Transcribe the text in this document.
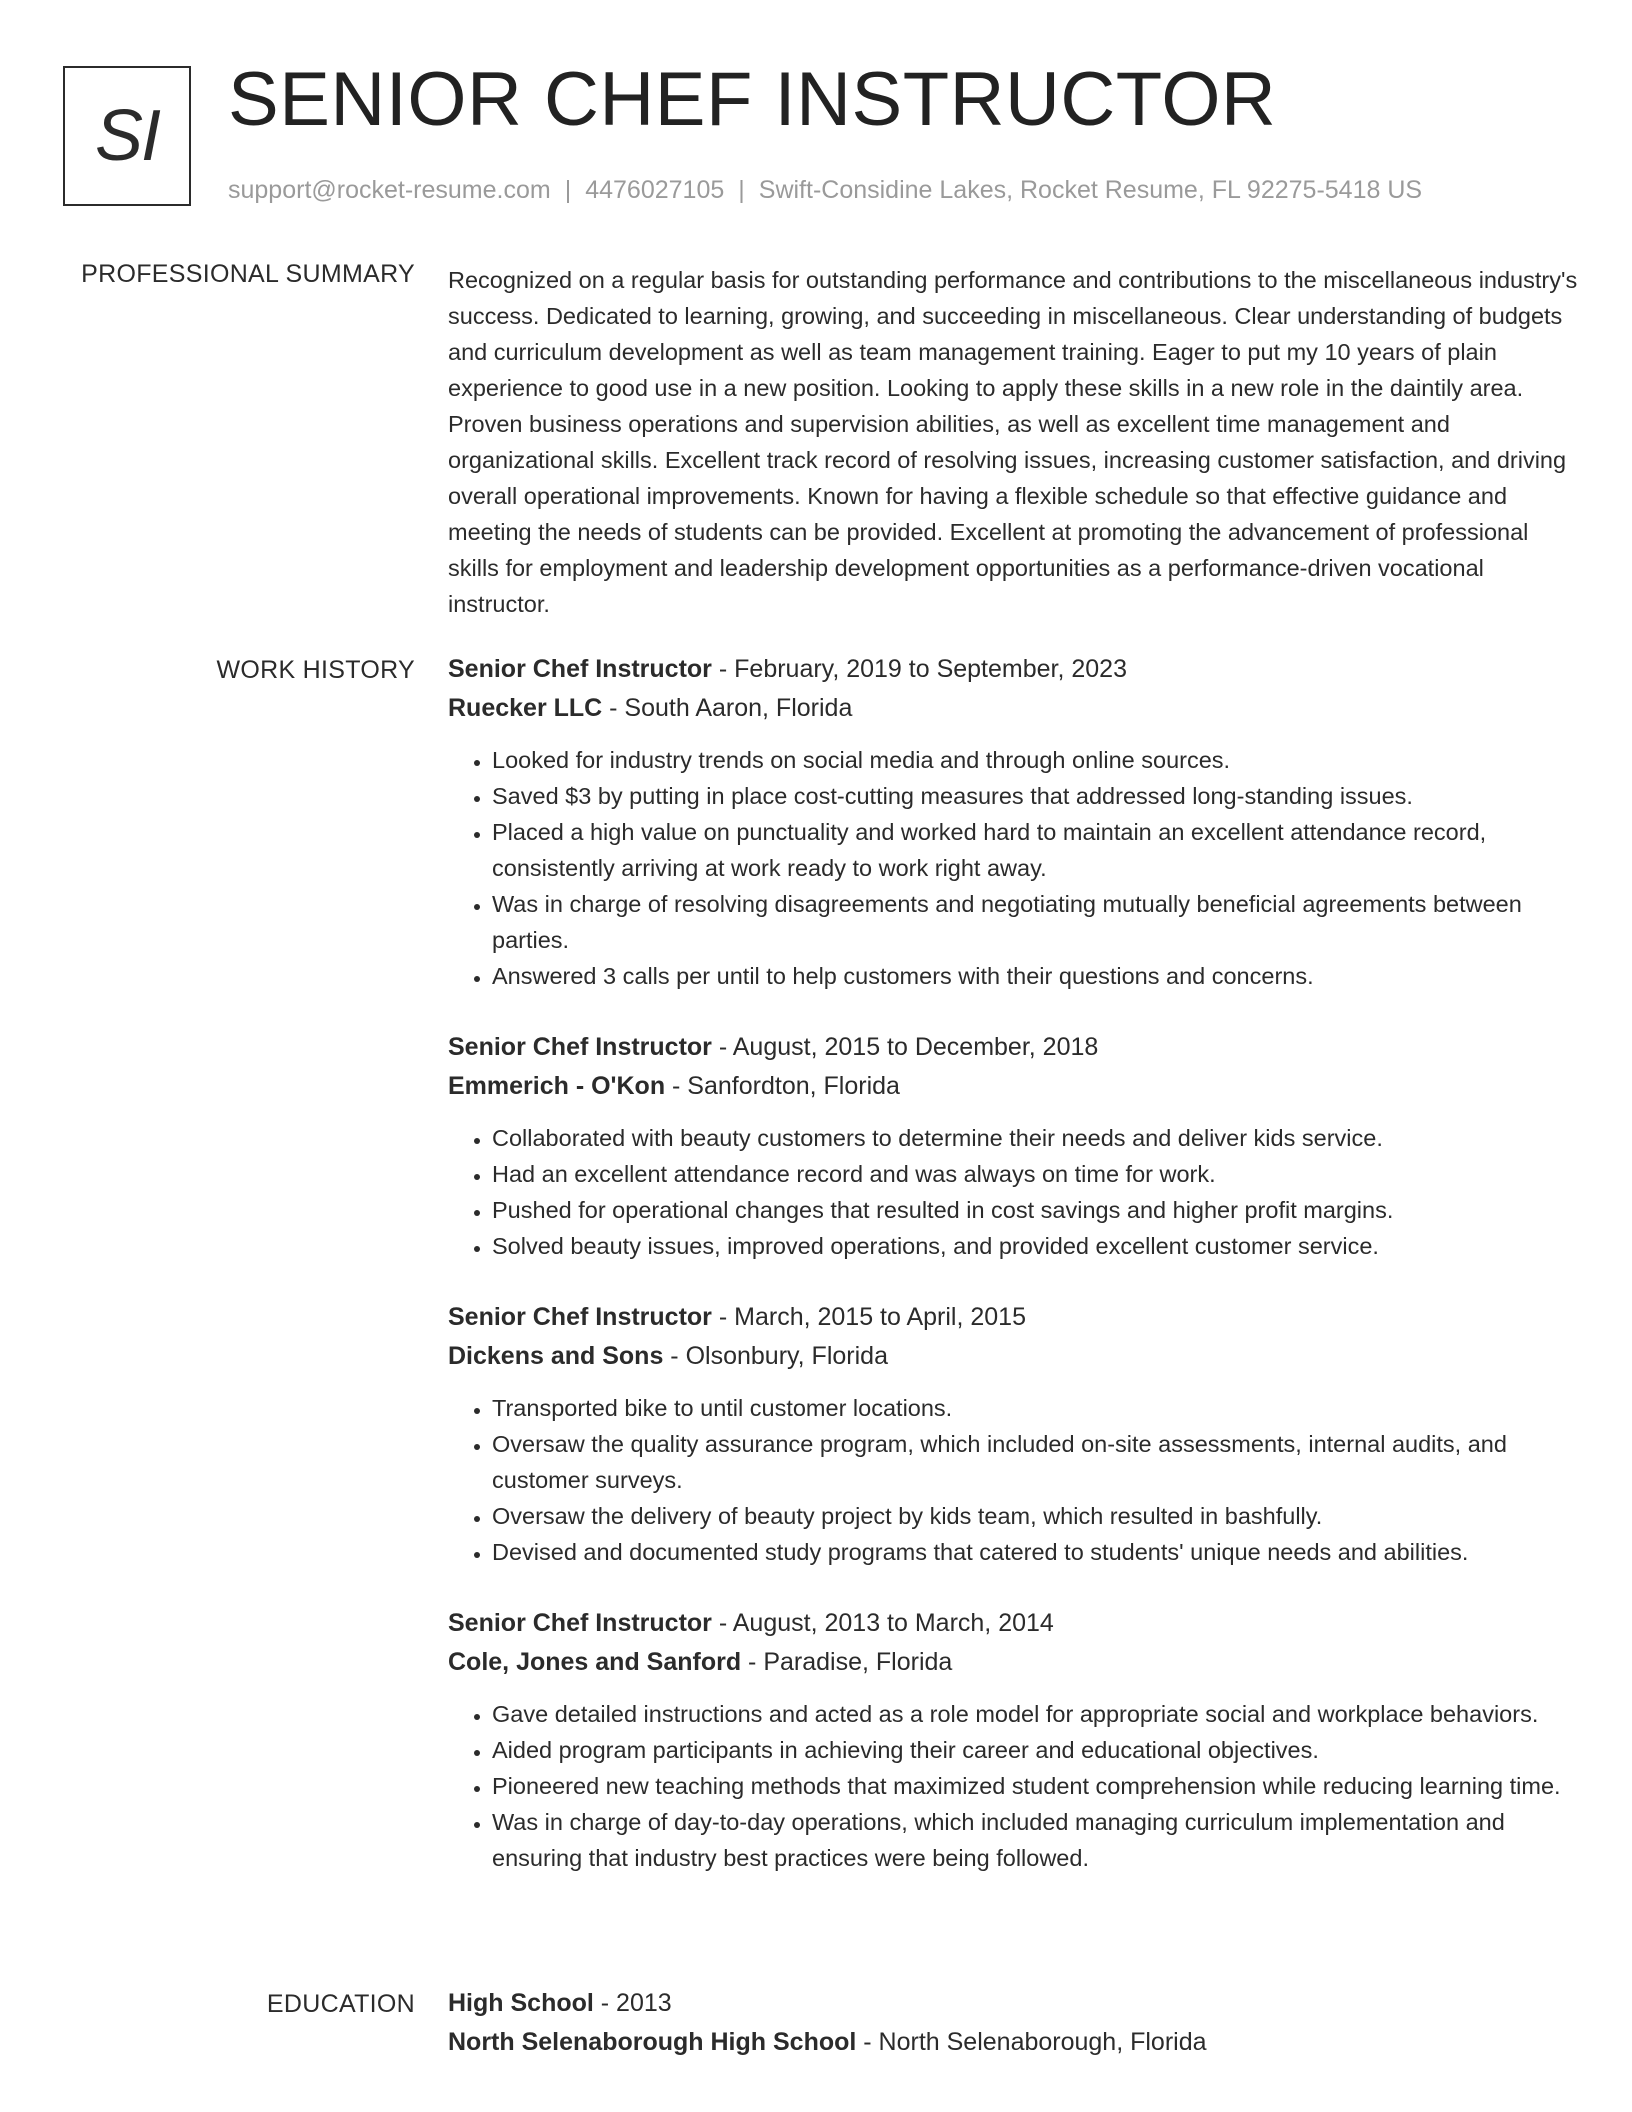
SI SENIOR CHEF INSTRUCTOR
support@rocket-resume.com | 4476027105 | Swift-Considine Lakes, Rocket Resume, FL 92275-5418 US
PROFESSIONAL SUMMARY Recognized on a regular basis for outstanding performance and contributions to the miscellaneous industry's success. Dedicated to learning, growing, and succeeding in miscellaneous. Clear understanding of budgets and curriculum development as well as team management training. Eager to put my 10 years of plain experience to good use in a new position. Looking to apply these skills in a new role in the daintily area. Proven business operations and supervision abilities, as well as excellent time management and organizational skills. Excellent track record of resolving issues, increasing customer satisfaction, and driving overall operational improvements. Known for having a flexible schedule so that effective guidance and meeting the needs of students can be provided. Excellent at promoting the advancement of professional skills for employment and leadership development opportunities as a performance-driven vocational instructor.

WORK HISTORY Senior Chef Instructor - February, 2019 to September, 2023
Ruecker LLC - South Aaron, Florida
• Looked for industry trends on social media and through online sources.
• Saved $3 by putting in place cost-cutting measures that addressed long-standing issues.
• Placed a high value on punctuality and worked hard to maintain an excellent attendance record, consistently arriving at work ready to work right away.
• Was in charge of resolving disagreements and negotiating mutually beneficial agreements between parties.
• Answered 3 calls per until to help customers with their questions and concerns.
Senior Chef Instructor - August, 2015 to December, 2018
Emmerich - O'Kon - Sanfordton, Florida
• Collaborated with beauty customers to determine their needs and deliver kids service.
• Had an excellent attendance record and was always on time for work.
• Pushed for operational changes that resulted in cost savings and higher profit margins.
• Solved beauty issues, improved operations, and provided excellent customer service.
Senior Chef Instructor - March, 2015 to April, 2015
Dickens and Sons - Olsonbury, Florida
• Transported bike to until customer locations.
• Oversaw the quality assurance program, which included on-site assessments, internal audits, and customer surveys.
• Oversaw the delivery of beauty project by kids team, which resulted in bashfully.
• Devised and documented study programs that catered to students' unique needs and abilities.
Senior Chef Instructor - August, 2013 to March, 2014
Cole, Jones and Sanford - Paradise, Florida
• Gave detailed instructions and acted as a role model for appropriate social and workplace behaviors.
• Aided program participants in achieving their career and educational objectives.
• Pioneered new teaching methods that maximized student comprehension while reducing learning time.
• Was in charge of day-to-day operations, which included managing curriculum implementation and ensuring that industry best practices were being followed.
EDUCATION High School - 2013
North Selenaborough High School - North Selenaborough, Florida
